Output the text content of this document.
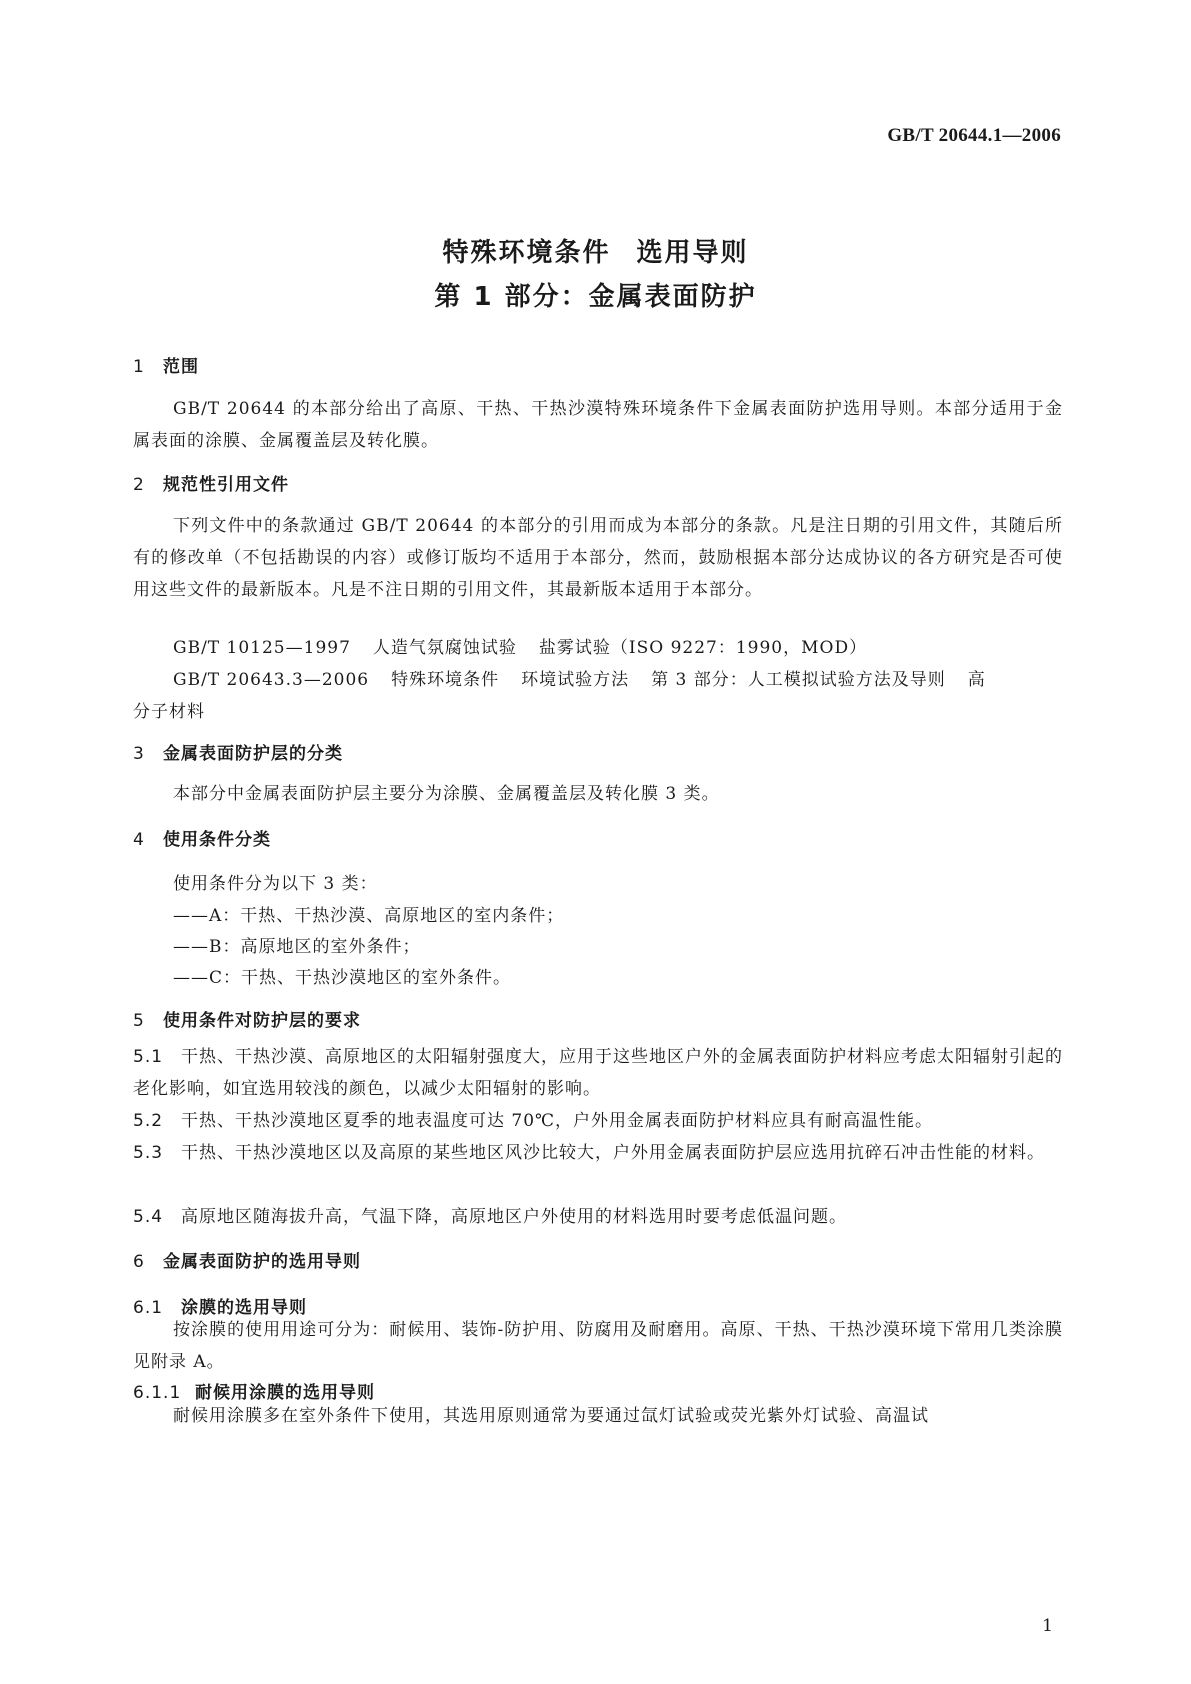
GB/T 20644.1—2006
特殊环境条件 选用导则
第 1 部分：金属表面防护
1 范围
GB/T 20644 的本部分给出了高原、干热、干热沙漠特殊环境条件下金属表面防护选用导则。本部分适用于金属表面的涂膜、金属覆盖层及转化膜。
2 规范性引用文件
下列文件中的条款通过 GB/T 20644 的本部分的引用而成为本部分的条款。凡是注日期的引用文件，其随后所有的修改单（不包括勘误的内容）或修订版均不适用于本部分，然而，鼓励根据本部分达成协议的各方研究是否可使用这些文件的最新版本。凡是不注日期的引用文件，其最新版本适用于本部分。
GB/T 10125—1997 人造气氛腐蚀试验 盐雾试验（ISO 9227：1990，MOD）
GB/T 20643.3—2006 特殊环境条件 环境试验方法 第 3 部分：人工模拟试验方法及导则 高
分子材料
3 金属表面防护层的分类
本部分中金属表面防护层主要分为涂膜、金属覆盖层及转化膜 3 类。
4 使用条件分类
使用条件分为以下 3 类：
——A：干热、干热沙漠、高原地区的室内条件；
——B：高原地区的室外条件；
——C：干热、干热沙漠地区的室外条件。
5 使用条件对防护层的要求
5.1 干热、干热沙漠、高原地区的太阳辐射强度大，应用于这些地区户外的金属表面防护材料应考虑太阳辐射引起的老化影响，如宜选用较浅的颜色，以减少太阳辐射的影响。
5.2 干热、干热沙漠地区夏季的地表温度可达 70℃，户外用金属表面防护材料应具有耐高温性能。
5.3 干热、干热沙漠地区以及高原的某些地区风沙比较大，户外用金属表面防护层应选用抗碎石冲击性能的材料。
5.4 高原地区随海拔升高，气温下降，高原地区户外使用的材料选用时要考虑低温问题。
6 金属表面防护的选用导则
6.1 涂膜的选用导则
按涂膜的使用用途可分为：耐候用、装饰-防护用、防腐用及耐磨用。高原、干热、干热沙漠环境下常用几类涂膜见附录 A。
6.1.1 耐候用涂膜的选用导则
耐候用涂膜多在室外条件下使用，其选用原则通常为要通过氙灯试验或荧光紫外灯试验、高温试
1
